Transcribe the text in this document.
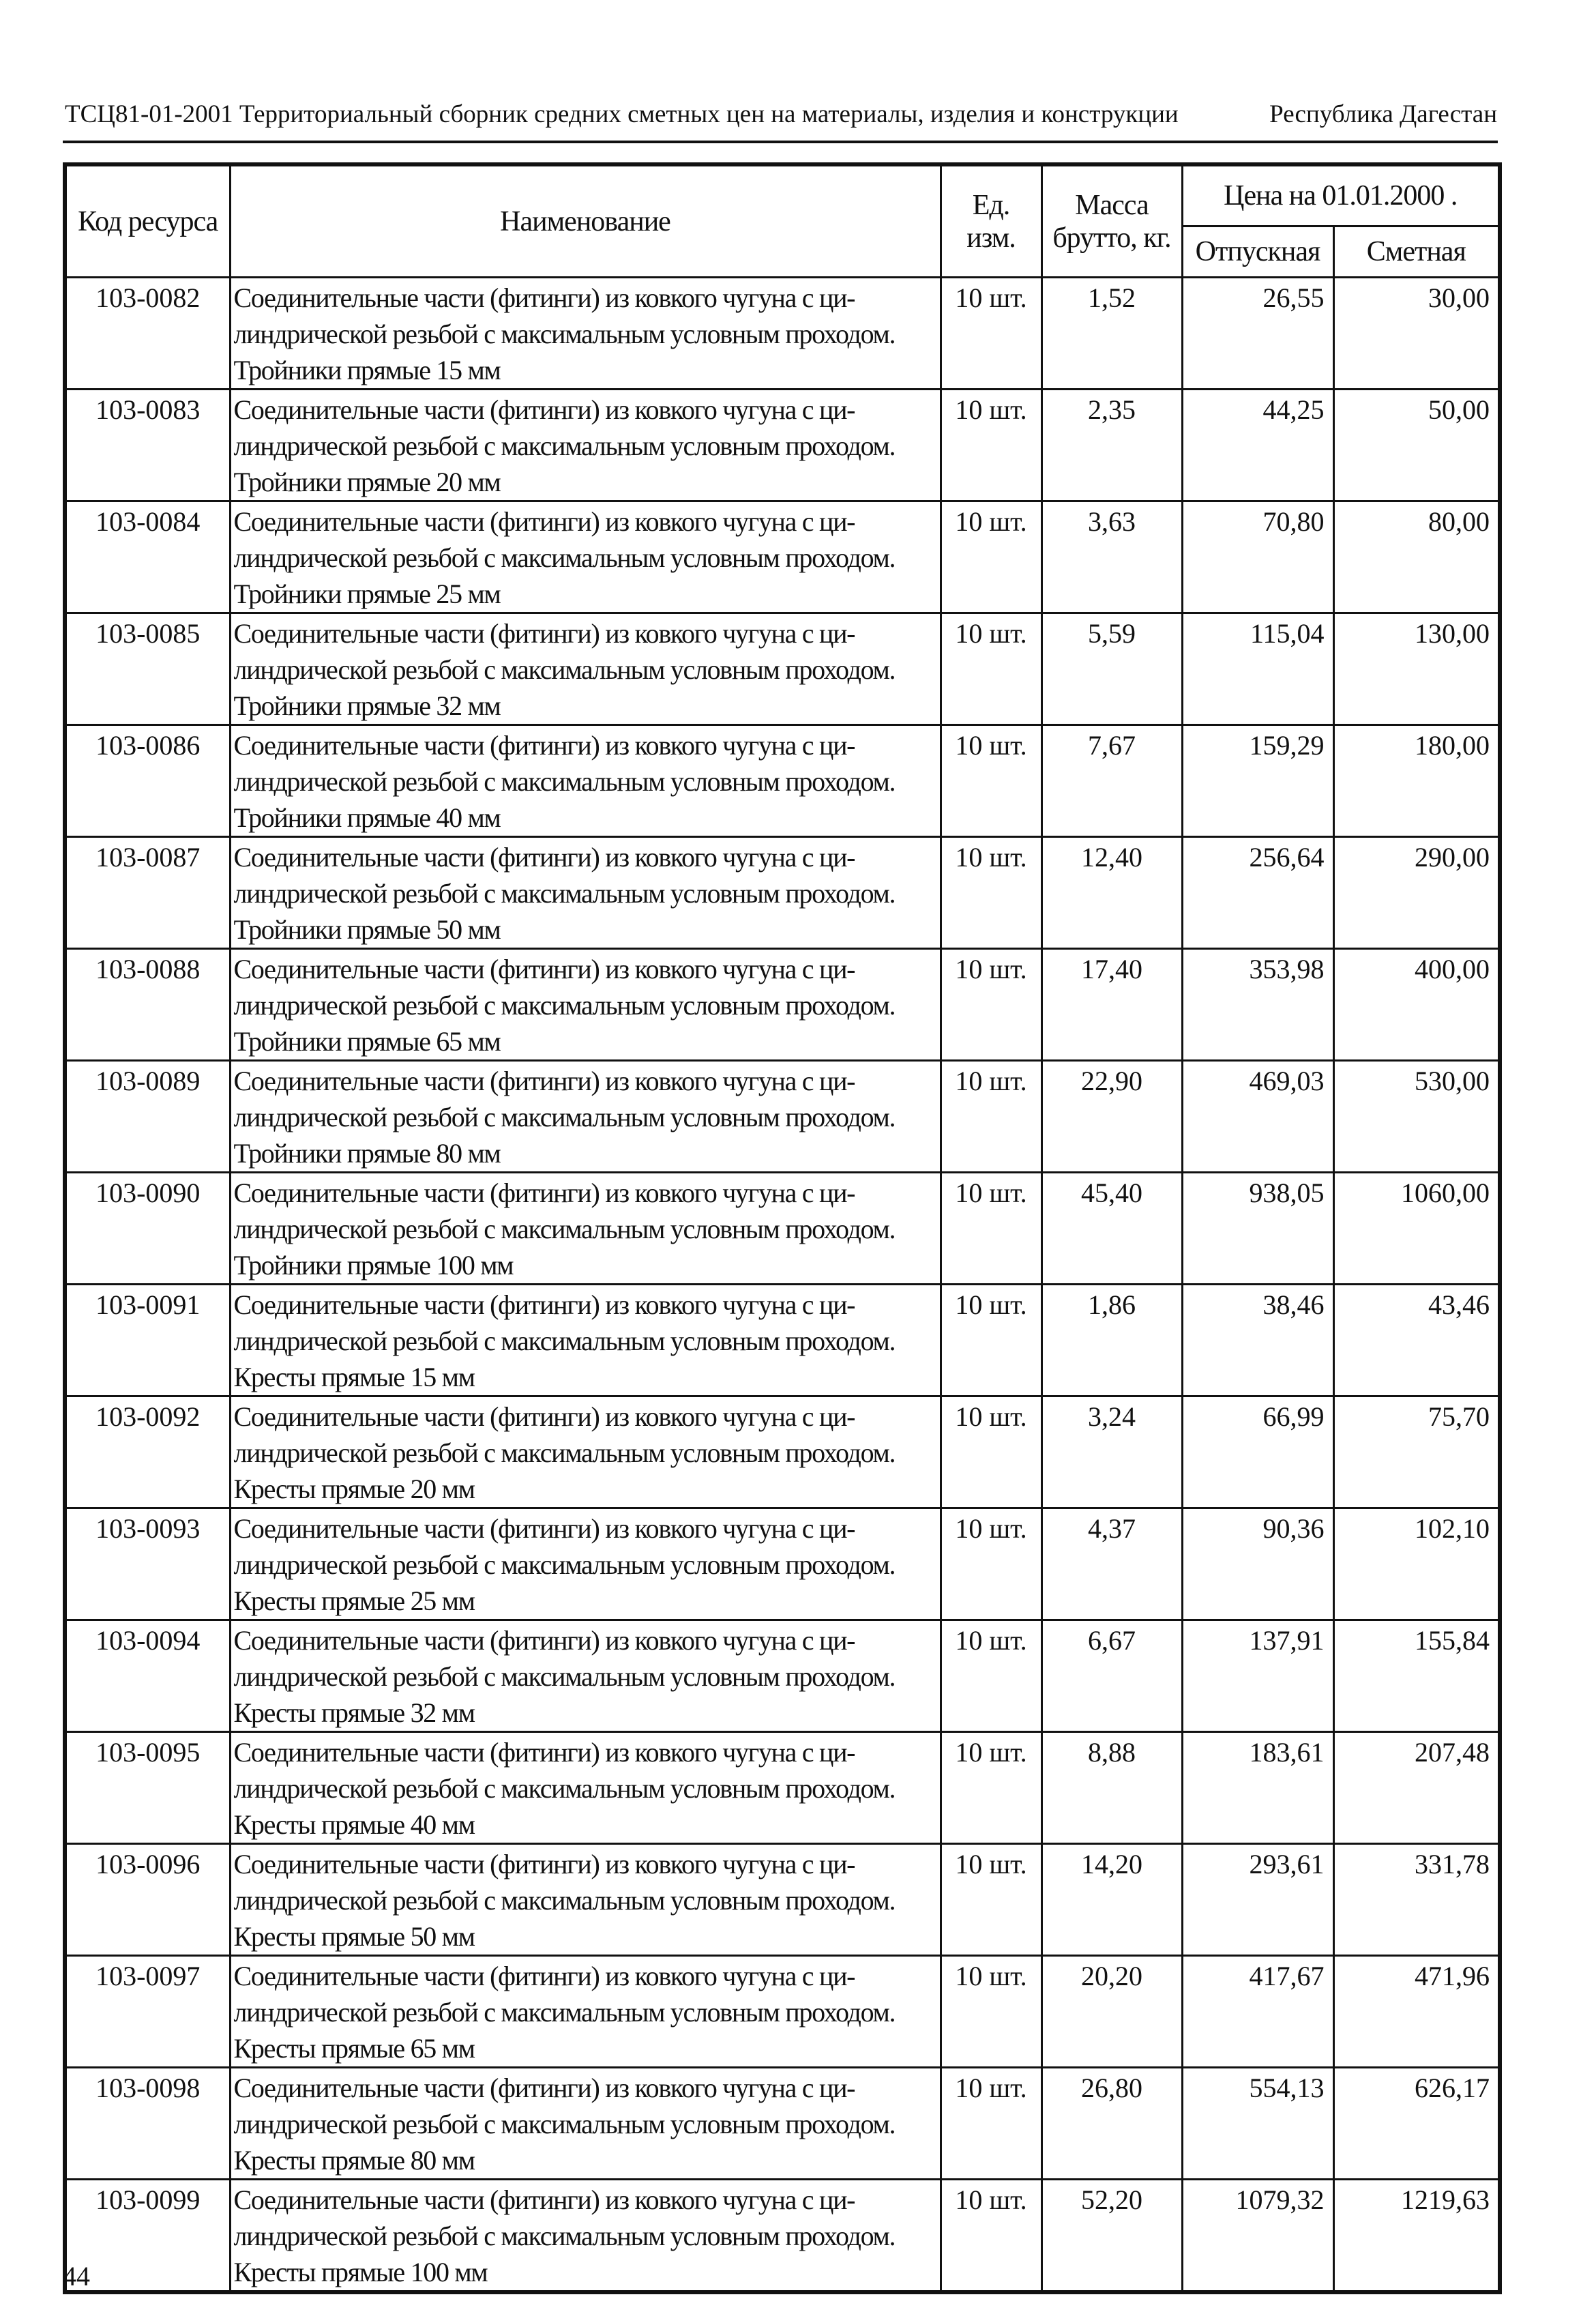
ТСЦ81-01-2001 Территориальный сборник средних сметных цен на материалы, изделия и конструкции	Республика Дагестан
Код ресурса	Наименование	Ед. изм.	Масса брутто, кг.	Цена на 01.01.2000 .	
				Отпускная	Сметная
103-0082	Соединительные части (фитинги) из ковкого чугуна с ци-
линдрической резьбой с максимальным условным проходом.
Тройники прямые 15 мм	10 шт.	1,52	26,55	30,00
103-0083	Соединительные части (фитинги) из ковкого чугуна с ци-
линдрической резьбой с максимальным условным проходом.
Тройники прямые 20 мм	10 шт.	2,35	44,25	50,00
103-0084	Соединительные части (фитинги) из ковкого чугуна с ци-
линдрической резьбой с максимальным условным проходом.
Тройники прямые 25 мм	10 шт.	3,63	70,80	80,00
103-0085	Соединительные части (фитинги) из ковкого чугуна с ци-
линдрической резьбой с максимальным условным проходом.
Тройники прямые 32 мм	10 шт.	5,59	115,04	130,00
103-0086	Соединительные части (фитинги) из ковкого чугуна с ци-
линдрической резьбой с максимальным условным проходом.
Тройники прямые 40 мм	10 шт.	7,67	159,29	180,00
103-0087	Соединительные части (фитинги) из ковкого чугуна с ци-
линдрической резьбой с максимальным условным проходом.
Тройники прямые 50 мм	10 шт.	12,40	256,64	290,00
103-0088	Соединительные части (фитинги) из ковкого чугуна с ци-
линдрической резьбой с максимальным условным проходом.
Тройники прямые 65 мм	10 шт.	17,40	353,98	400,00
103-0089	Соединительные части (фитинги) из ковкого чугуна с ци-
линдрической резьбой с максимальным условным проходом.
Тройники прямые 80 мм	10 шт.	22,90	469,03	530,00
103-0090	Соединительные части (фитинги) из ковкого чугуна с ци-
линдрической резьбой с максимальным условным проходом.
Тройники прямые 100 мм	10 шт.	45,40	938,05	1060,00
103-0091	Соединительные части (фитинги) из ковкого чугуна с ци-
линдрической резьбой с максимальным условным проходом.
Кресты прямые 15 мм	10 шт.	1,86	38,46	43,46
103-0092	Соединительные части (фитинги) из ковкого чугуна с ци-
линдрической резьбой с максимальным условным проходом.
Кресты прямые 20 мм	10 шт.	3,24	66,99	75,70
103-0093	Соединительные части (фитинги) из ковкого чугуна с ци-
линдрической резьбой с максимальным условным проходом.
Кресты прямые 25 мм	10 шт.	4,37	90,36	102,10
103-0094	Соединительные части (фитинги) из ковкого чугуна с ци-
линдрической резьбой с максимальным условным проходом.
Кресты прямые 32 мм	10 шт.	6,67	137,91	155,84
103-0095	Соединительные части (фитинги) из ковкого чугуна с ци-
линдрической резьбой с максимальным условным проходом.
Кресты прямые 40 мм	10 шт.	8,88	183,61	207,48
103-0096	Соединительные части (фитинги) из ковкого чугуна с ци-
линдрической резьбой с максимальным условным проходом.
Кресты прямые 50 мм	10 шт.	14,20	293,61	331,78
103-0097	Соединительные части (фитинги) из ковкого чугуна с ци-
линдрической резьбой с максимальным условным проходом.
Кресты прямые 65 мм	10 шт.	20,20	417,67	471,96
103-0098	Соединительные части (фитинги) из ковкого чугуна с ци-
линдрической резьбой с максимальным условным проходом.
Кресты прямые 80 мм	10 шт.	26,80	554,13	626,17
103-0099	Соединительные части (фитинги) из ковкого чугуна с ци-
линдрической резьбой с максимальным условным проходом.
Кресты прямые 100 мм	10 шт.	52,20	1079,32	1219,63
44
